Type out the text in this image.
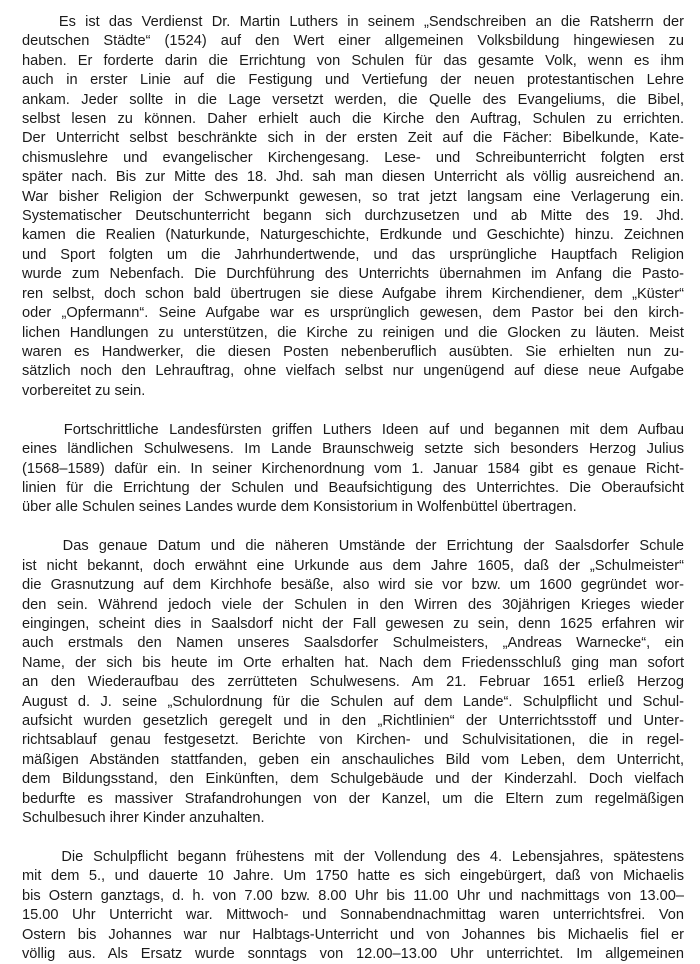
Es ist das Verdienst Dr. Martin Luthers in seinem „Sendschreiben an die Ratsherrn der
deutschen Städte“ (1524) auf den Wert einer allgemeinen Volksbildung hingewiesen zu
haben. Er forderte darin die Errichtung von Schulen für das gesamte Volk, wenn es ihm
auch in erster Linie auf die Festigung und Vertiefung der neuen protestantischen Lehre
ankam. Jeder sollte in die Lage versetzt werden, die Quelle des Evangeliums, die Bibel,
selbst lesen zu können. Daher erhielt auch die Kirche den Auftrag, Schulen zu errichten.
Der Unterricht selbst beschränkte sich in der ersten Zeit auf die Fächer: Bibelkunde, Kate-
chismuslehre und evangelischer Kirchengesang. Lese- und Schreibunterricht folgten erst
später nach. Bis zur Mitte des 18. Jhd. sah man diesen Unterricht als völlig ausreichend an.
War bisher Religion der Schwerpunkt gewesen, so trat jetzt langsam eine Verlagerung ein.
Systematischer Deutschunterricht begann sich durchzusetzen und ab Mitte des 19. Jhd.
kamen die Realien (Naturkunde, Naturgeschichte, Erdkunde und Geschichte) hinzu. Zeichnen
und Sport folgten um die Jahrhundertwende, und das ursprüngliche Hauptfach Religion
wurde zum Nebenfach. Die Durchführung des Unterrichts übernahmen im Anfang die Pasto-
ren selbst, doch schon bald übertrugen sie diese Aufgabe ihrem Kirchendiener, dem „Küster“
oder „Opfermann“. Seine Aufgabe war es ursprünglich gewesen, dem Pastor bei den kirch-
lichen Handlungen zu unterstützen, die Kirche zu reinigen und die Glocken zu läuten. Meist
waren es Handwerker, die diesen Posten nebenberuflich ausübten. Sie erhielten nun zu-
sätzlich noch den Lehrauftrag, ohne vielfach selbst nur ungenügend auf diese neue Aufgabe
vorbereitet zu sein.
Fortschrittliche Landesfürsten griffen Luthers Ideen auf und begannen mit dem Aufbau
eines ländlichen Schulwesens. Im Lande Braunschweig setzte sich besonders Herzog Julius
(1568–1589) dafür ein. In seiner Kirchenordnung vom 1. Januar 1584 gibt es genaue Richt-
linien für die Errichtung der Schulen und Beaufsichtigung des Unterrichtes. Die Oberaufsicht
über alle Schulen seines Landes wurde dem Konsistorium in Wolfenbüttel übertragen.
Das genaue Datum und die näheren Umstände der Errichtung der Saalsdorfer Schule
ist nicht bekannt, doch erwähnt eine Urkunde aus dem Jahre 1605, daß der „Schulmeister“
die Grasnutzung auf dem Kirchhofe besäße, also wird sie vor bzw. um 1600 gegründet wor-
den sein. Während jedoch viele der Schulen in den Wirren des 30jährigen Krieges wieder
eingingen, scheint dies in Saalsdorf nicht der Fall gewesen zu sein, denn 1625 erfahren wir
auch erstmals den Namen unseres Saalsdorfer Schulmeisters, „Andreas Warnecke“, ein
Name, der sich bis heute im Orte erhalten hat. Nach dem Friedensschluß ging man sofort
an den Wiederaufbau des zerrütteten Schulwesens. Am 21. Februar 1651 erließ Herzog
August d. J. seine „Schulordnung für die Schulen auf dem Lande“. Schulpflicht und Schul-
aufsicht wurden gesetzlich geregelt und in den „Richtlinien“ der Unterrichtsstoff und Unter-
richtsablauf genau festgesetzt. Berichte von Kirchen- und Schulvisitationen, die in regel-
mäßigen Abständen stattfanden, geben ein anschauliches Bild vom Leben, dem Unterricht,
dem Bildungsstand, den Einkünften, dem Schulgebäude und der Kinderzahl. Doch vielfach
bedurfte es massiver Strafandrohungen von der Kanzel, um die Eltern zum regelmäßigen
Schulbesuch ihrer Kinder anzuhalten.
Die Schulpflicht begann frühestens mit der Vollendung des 4. Lebensjahres, spätestens
mit dem 5., und dauerte 10 Jahre. Um 1750 hatte es sich eingebürgert, daß von Michaelis
bis Ostern ganztags, d. h. von 7.00 bzw. 8.00 Uhr bis 11.00 Uhr und nachmittags von 13.00–
15.00 Uhr Unterricht war. Mittwoch- und Sonnabendnachmittag waren unterrichtsfrei. Von
Ostern bis Johannes war nur Halbtags-Unterricht und von Johannes bis Michaelis fiel er
völlig aus. Als Ersatz wurde sonntags von 12.00–13.00 Uhr unterrichtet. Im allgemeinen
